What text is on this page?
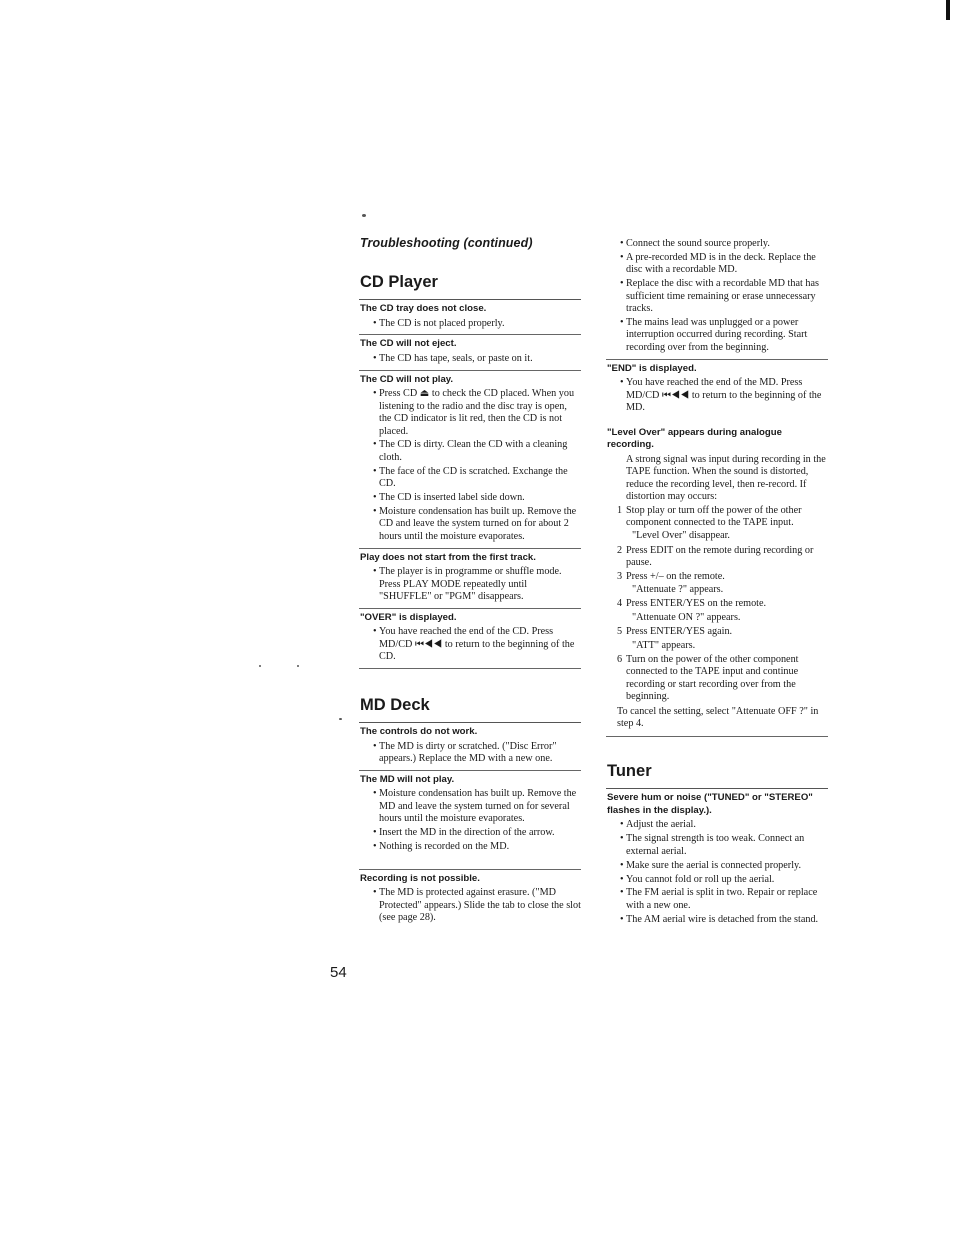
Troubleshooting (continued)
CD Player
The CD tray does not close.
• The CD is not placed properly.
The CD will not eject.
• The CD has tape, seals, or paste on it.
The CD will not play.
• Press CD ⏏ to check the CD placed. When you listening to the radio and the disc tray is open, the CD indicator is lit red, then the CD is not placed.
• The CD is dirty. Clean the CD with a cleaning cloth.
• The face of the CD is scratched. Exchange the CD.
• The CD is inserted label side down.
• Moisture condensation has built up. Remove the CD and leave the system turned on for about 2 hours until the moisture evaporates.
Play does not start from the first track.
• The player is in programme or shuffle mode. Press PLAY MODE repeatedly until "SHUFFLE" or "PGM" disappears.
"OVER" is displayed.
• You have reached the end of the CD. Press MD/CD ⏮◀◀ to return to the beginning of the CD.
MD Deck
The controls do not work.
• The MD is dirty or scratched. ("Disc Error" appears.) Replace the MD with a new one.
The MD will not play.
• Moisture condensation has built up. Remove the MD and leave the system turned on for several hours until the moisture evaporates.
• Insert the MD in the direction of the arrow.
• Nothing is recorded on the MD.
Recording is not possible.
• The MD is protected against erasure. ("MD Protected" appears.) Slide the tab to close the slot (see page 28).
54
• Connect the sound source properly.
• A pre-recorded MD is in the deck. Replace the disc with a recordable MD.
• Replace the disc with a recordable MD that has sufficient time remaining or erase unnecessary tracks.
• The mains lead was unplugged or a power interruption occurred during recording. Start recording over from the beginning.
"END" is displayed.
• You have reached the end of the MD. Press MD/CD ⏮◀◀ to return to the beginning of the MD.
"Level Over" appears during analogue recording.
A strong signal was input during recording in the TAPE function. When the sound is distorted, reduce the recording level, then re-record. If distortion may occurs:
1 Stop play or turn off the power of the other component connected to the TAPE input.
"Level Over" disappear.
2 Press EDIT on the remote during recording or pause.
3 Press +/– on the remote.
"Attenuate ?" appears.
4 Press ENTER/YES on the remote.
"Attenuate ON ?" appears.
5 Press ENTER/YES again.
"ATT" appears.
6 Turn on the power of the other component connected to the TAPE input and continue recording or start recording over from the beginning.
To cancel the setting, select "Attenuate OFF ?" in step 4.
Tuner
Severe hum or noise ("TUNED" or "STEREO" flashes in the display.).
• Adjust the aerial.
• The signal strength is too weak. Connect an external aerial.
• Make sure the aerial is connected properly.
• You cannot fold or roll up the aerial.
• The FM aerial is split in two. Repair or replace with a new one.
• The AM aerial wire is detached from the stand.
